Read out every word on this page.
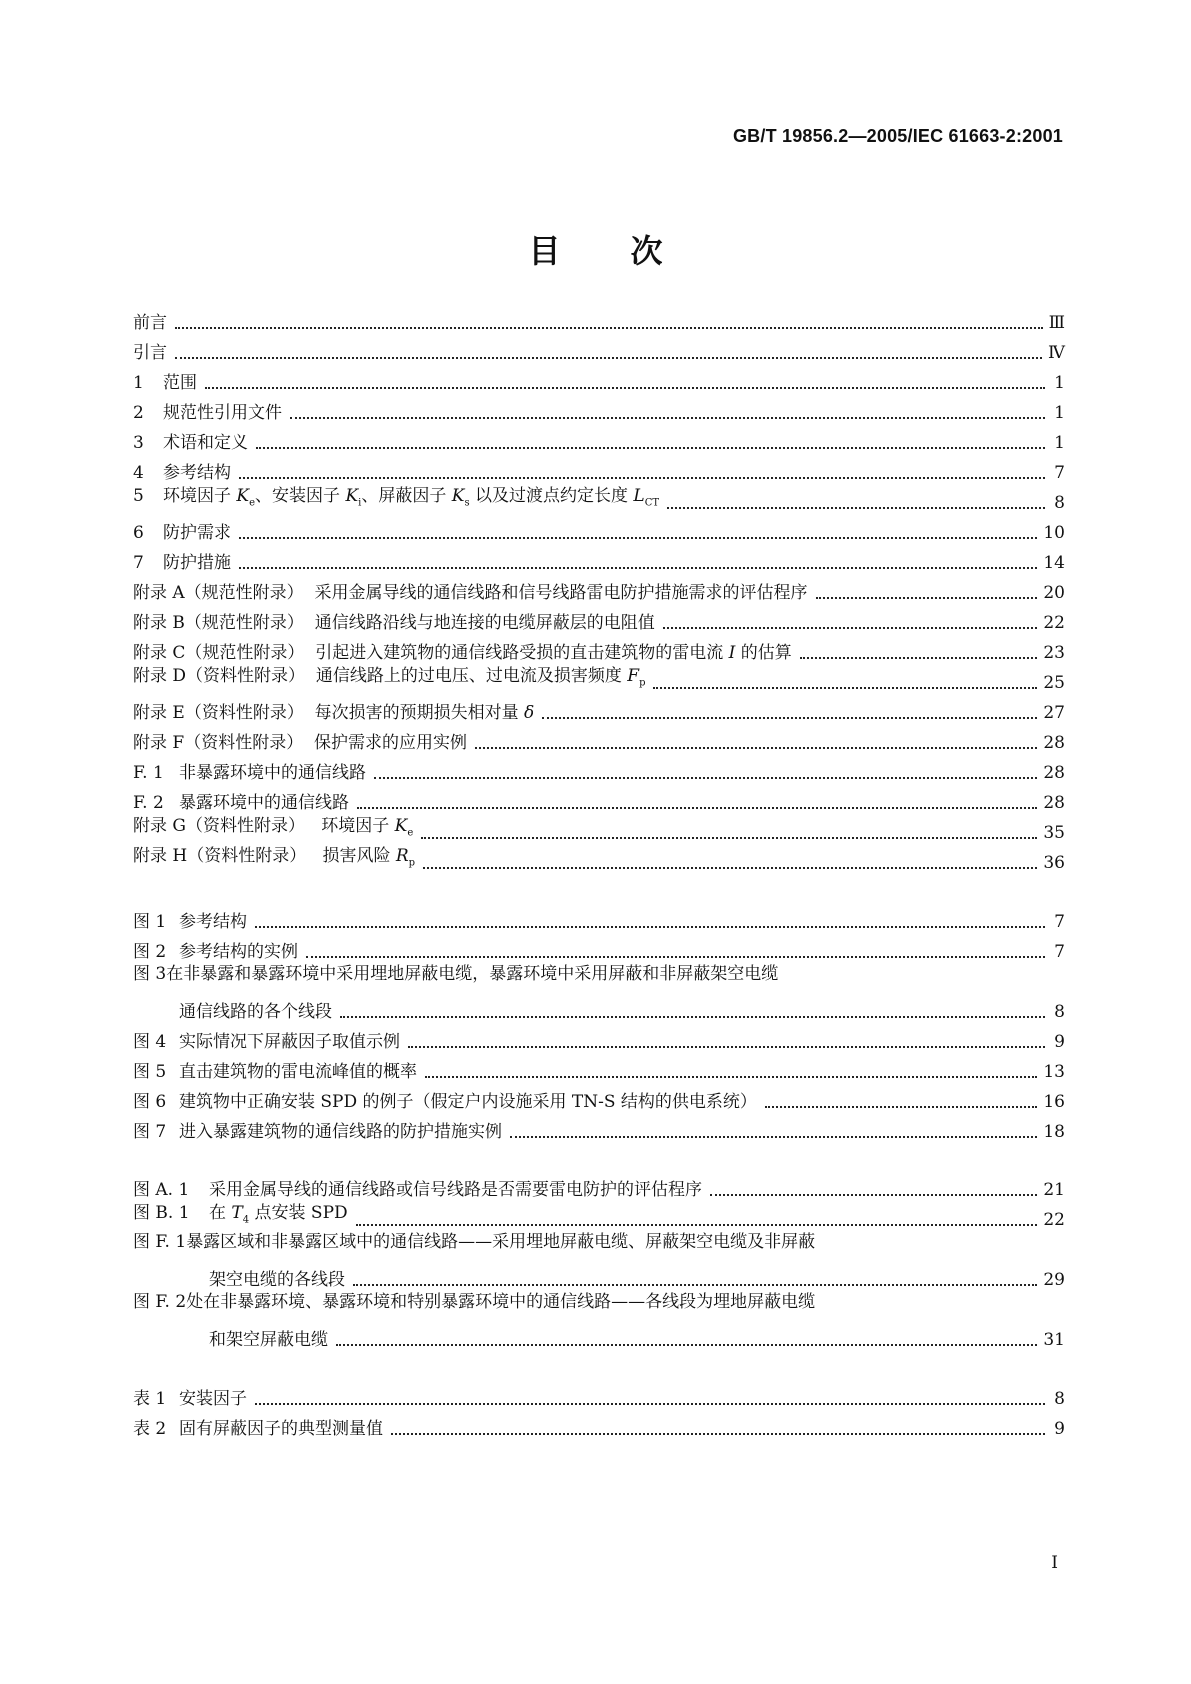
GB/T 19856.2—2005/IEC 61663-2:2001
目次
前言	Ⅲ
引言	Ⅳ
1 范围	1
2 规范性引用文件	1
3 术语和定义	1
4 参考结构	7
5 环境因子 $K_e$、安装因子 $K_i$、屏蔽因子 $K_s$ 以及过渡点约定长度 $L_{CT}$	8
6 防护需求	10
7 防护措施	14
附录 A（规范性附录） 采用金属导线的通信线路和信号线路雷电防护措施需求的评估程序	20
附录 B（规范性附录） 通信线路沿线与地连接的电缆屏蔽层的电阻值	22
附录 C（规范性附录） 引起进入建筑物的通信线路受损的直击建筑物的雷电流 I 的估算	23
附录 D（资料性附录） 通信线路上的过电压、过电流及损害频度 $F_p$	25
附录 E（资料性附录） 每次损害的预期损失相对量 δ	27
附录 F（资料性附录） 保护需求的应用实例	28
F. 1 非暴露环境中的通信线路	28
F. 2 暴露环境中的通信线路	28
附录 G（资料性附录） 环境因子 $K_e$	35
附录 H（资料性附录） 损害风险 $R_p$	36
图 1 参考结构	7
图 2 参考结构的实例	7
图 3在非暴露和暴露环境中采用埋地屏蔽电缆，暴露环境中采用屏蔽和非屏蔽架空电缆
通信线路的各个线段	8
图 4 实际情况下屏蔽因子取值示例	9
图 5 直击建筑物的雷电流峰值的概率	13
图 6 建筑物中正确安装 SPD 的例子（假定户内设施采用 TN-S 结构的供电系统）	16
图 7 进入暴露建筑物的通信线路的防护措施实例	18
图 A. 1 采用金属导线的通信线路或信号线路是否需要雷电防护的评估程序	21
图 B. 1 在 $T_4$ 点安装 SPD	22
图 F. 1暴露区域和非暴露区域中的通信线路——采用埋地屏蔽电缆、屏蔽架空电缆及非屏蔽
架空电缆的各线段	29
图 F. 2处在非暴露环境、暴露环境和特别暴露环境中的通信线路——各线段为埋地屏蔽电缆
和架空屏蔽电缆	31
表 1 安装因子	8
表 2 固有屏蔽因子的典型测量值	9
I
